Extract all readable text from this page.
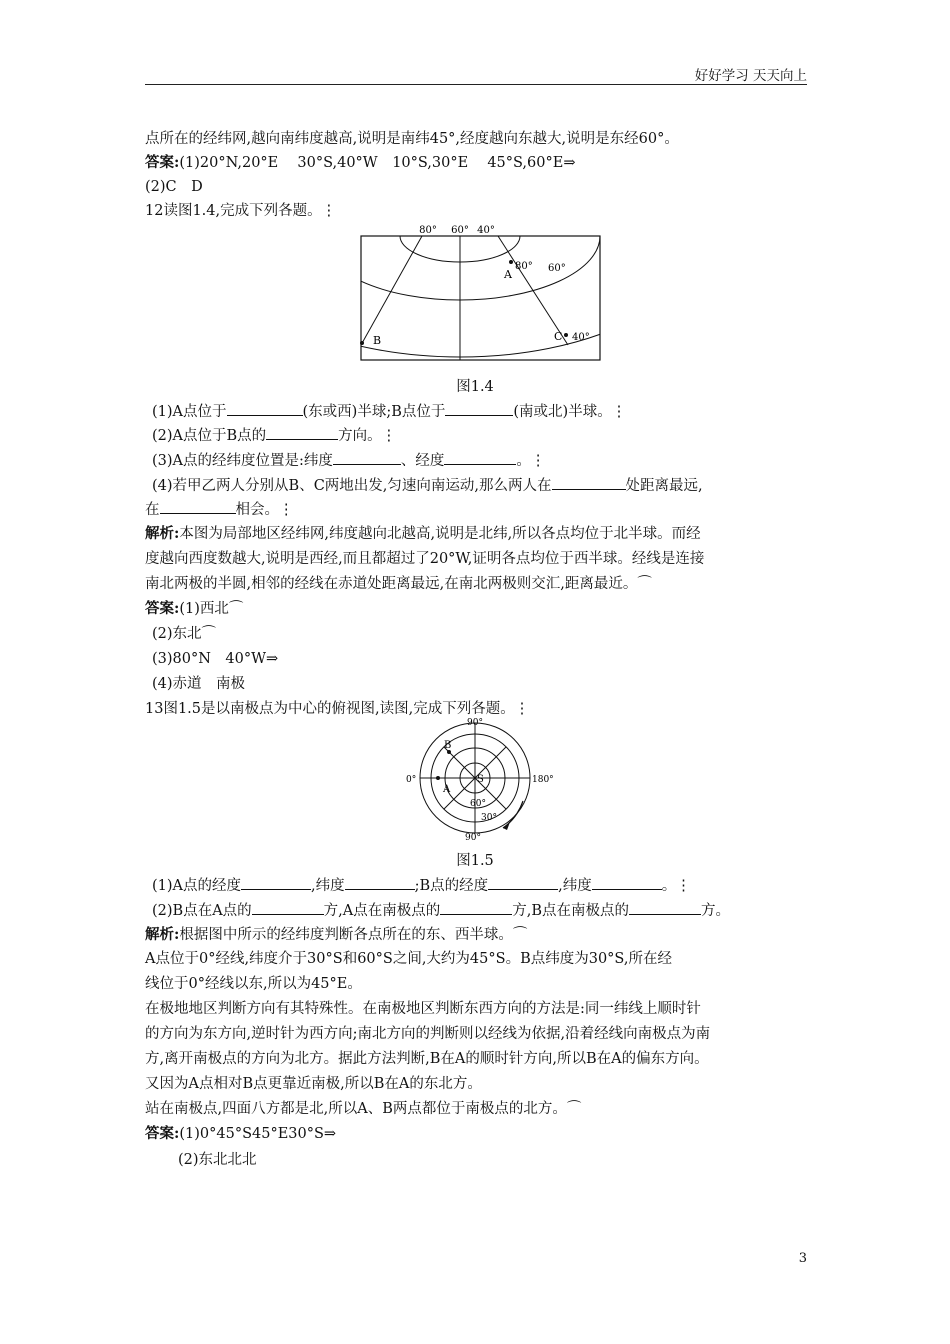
好好学习 天天向上
点所在的经纬网,越向南纬度越高,说明是南纬45°,经度越向东越大,说明是东经60°。
答案:(1)20°N,20°E　 30°S,40°W　10°S,30°E　 45°S,60°E⇒
(2)C　D
12读图1.4,完成下列各题。⋮
80° 60° 40°
80° 60°
40°
A
B	C
图1.4
(1)A点位于	(东或西)半球;B点位于	(南或北)半球。⋮
(2)A点位于B点的	方向。⋮
(3)A点的经纬度位置是:纬度	、经度	。⋮
(4)若甲乙两人分别从B、C两地出发,匀速向南运动,那么两人在	处距离最远,
在	相会。⋮
解析:本图为局部地区经纬网,纬度越向北越高,说明是北纬,所以各点均位于北半球。而经
度越向西度数越大,说明是西经,而且都超过了20°W,证明各点均位于西半球。经线是连接
南北两极的半圆,相邻的经线在赤道处距离最远,在南北两极则交汇,距离最近。⌒
答案:(1)西北⌒
(2)东北⌒
(3)80°N　40°W⇒
(4)赤道　南极
13图1.5是以南极点为中心的俯视图,读图,完成下列各题。⋮
90°
90°
0°	180°
60°
30°
A
B
S
图1.5
(1)A点的经度	,纬度	;B点的经度	,纬度	。⋮
(2)B点在A点的	方,A点在南极点的	方,B点在南极点的	方。
解析:根据图中所示的经纬度判断各点所在的东、西半球。⌒
A点位于0°经线,纬度介于30°S和60°S之间,大约为45°S。B点纬度为30°S,所在经
线位于0°经线以东,所以为45°E。
在极地地区判断方向有其特殊性。在南极地区判断东西方向的方法是:同一纬线上顺时针
的方向为东方向,逆时针为西方向;南北方向的判断则以经线为依据,沿着经线向南极点为南
方,离开南极点的方向为北方。据此方法判断,B在A的顺时针方向,所以B在A的偏东方向。
又因为A点相对B点更靠近南极,所以B在A的东北方。
站在南极点,四面八方都是北,所以A、B两点都位于南极点的北方。⌒
答案:(1)0°45°S45°E30°S⇒
(2)东北北北
3
